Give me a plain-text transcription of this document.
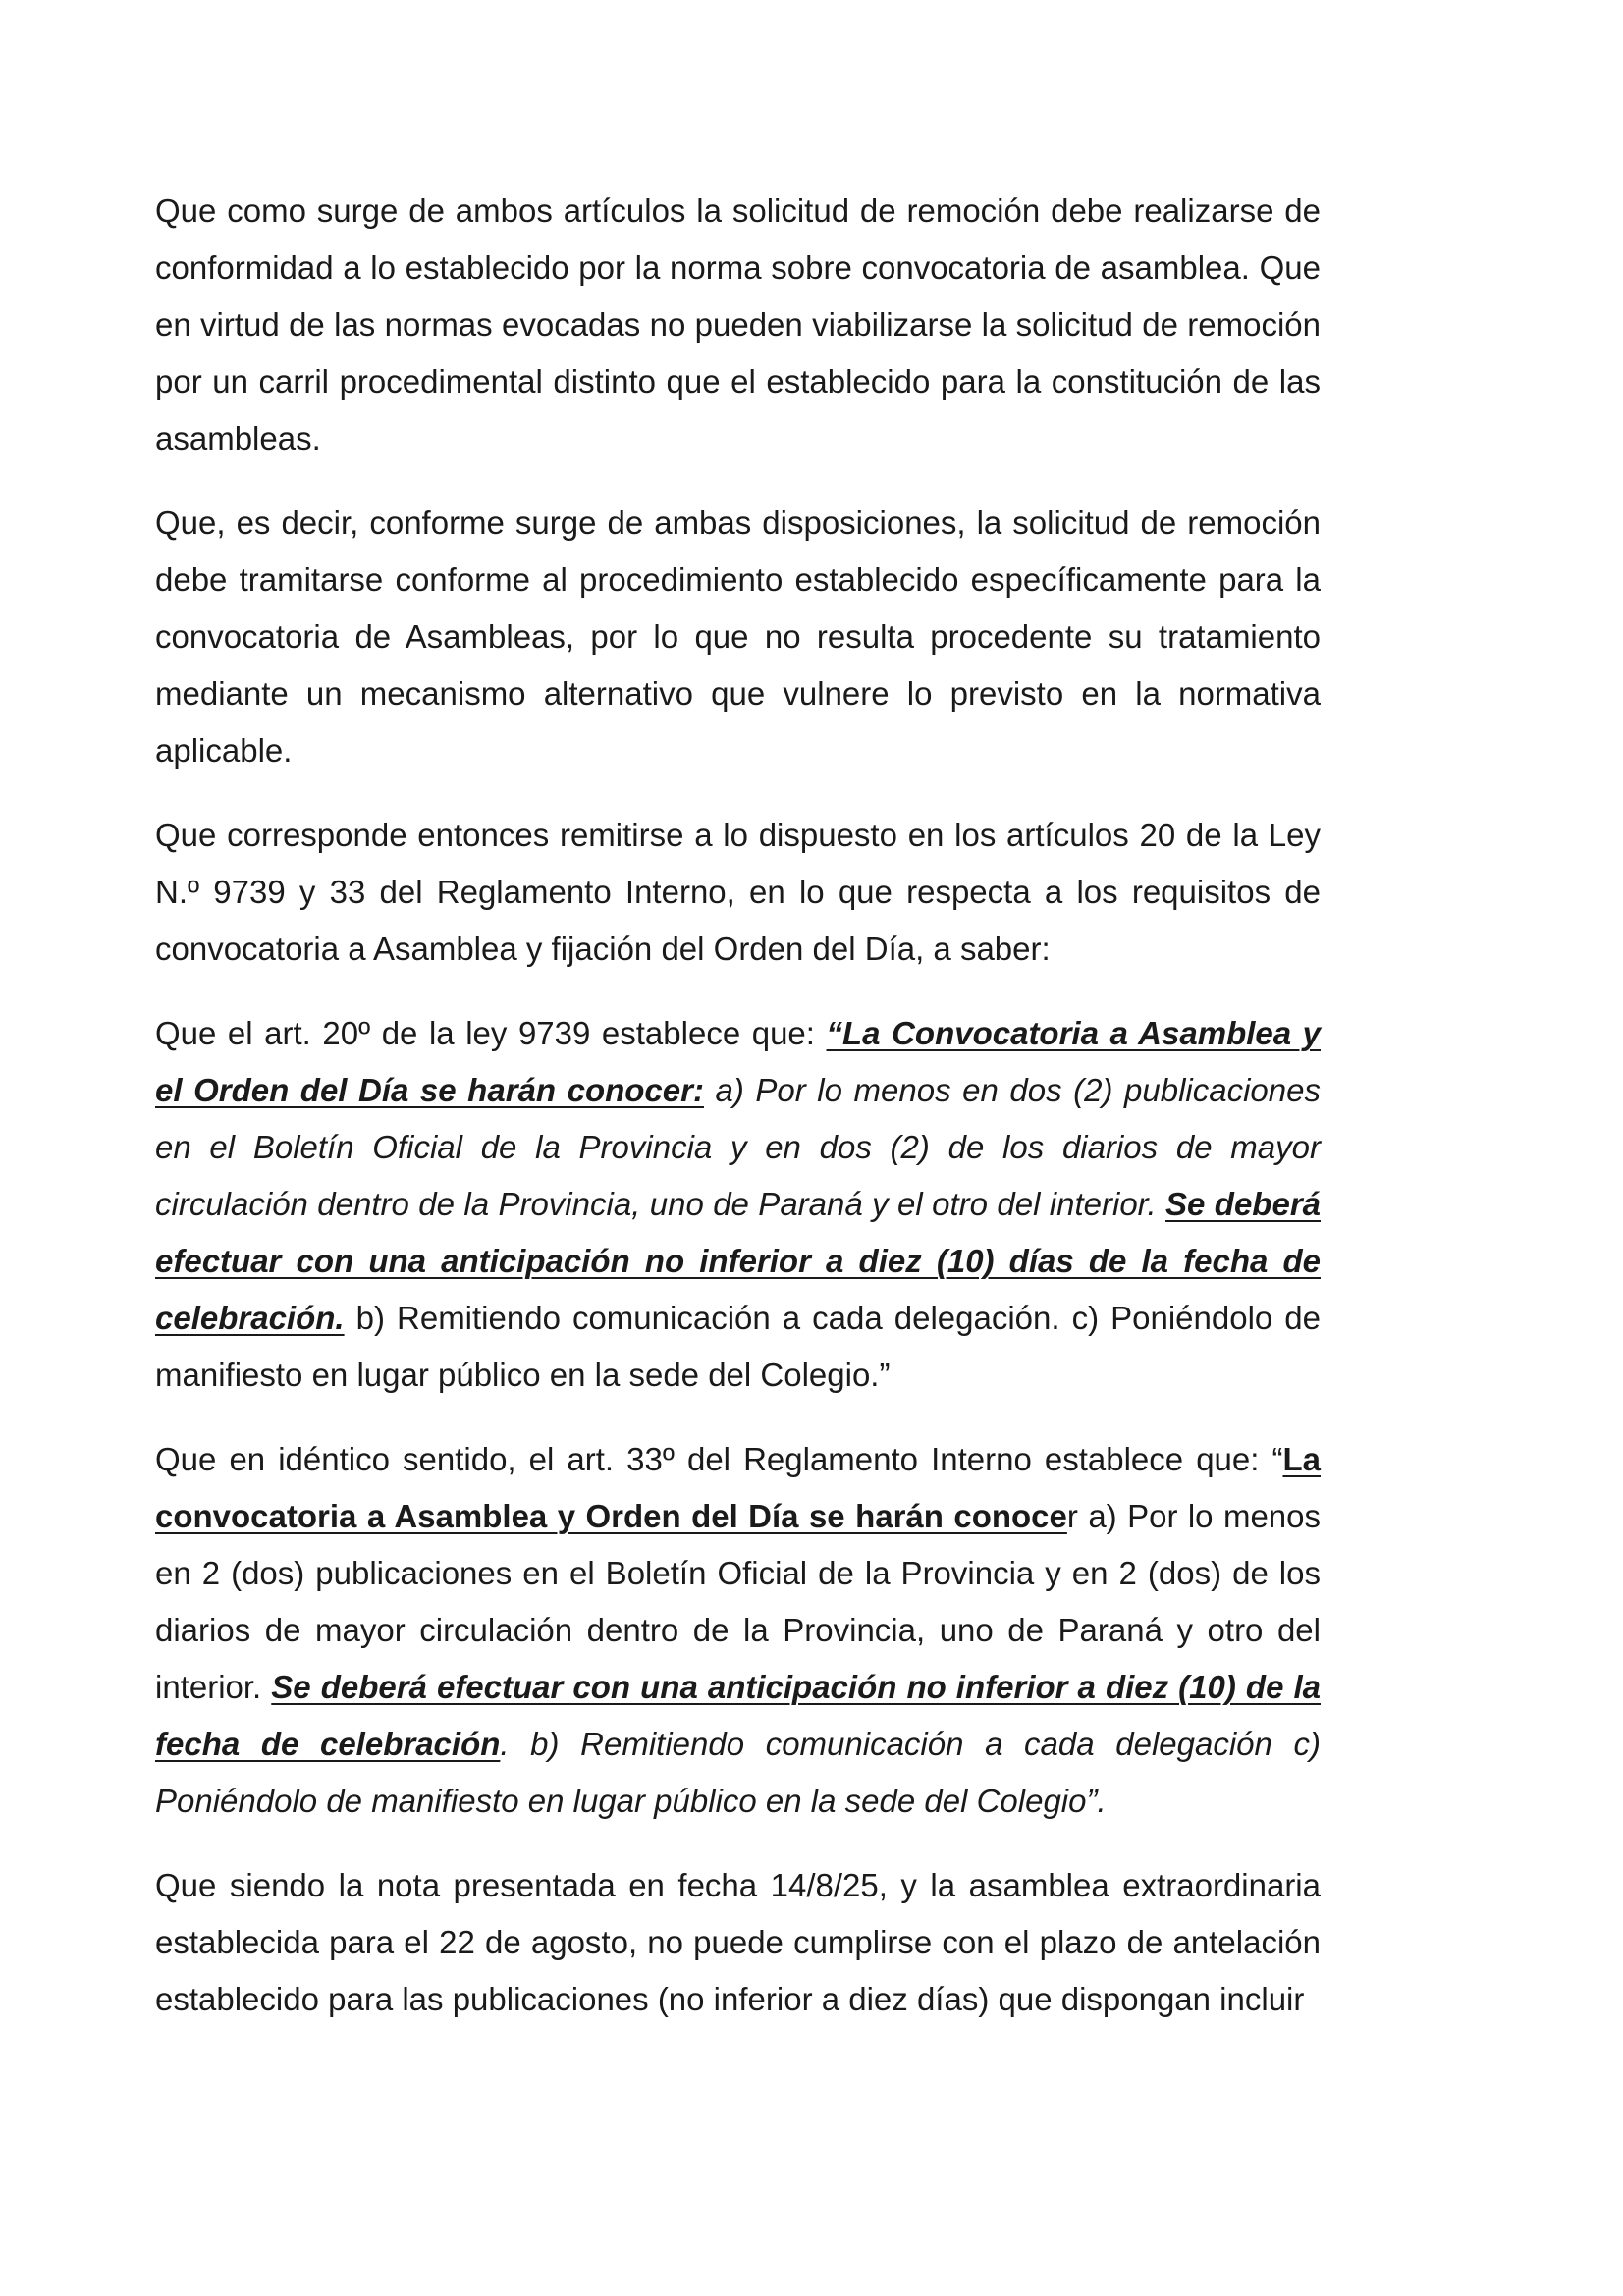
Que como surge de ambos artículos la solicitud de remoción debe realizarse de conformidad a lo establecido por la norma sobre convocatoria de asamblea. Que en virtud de las normas evocadas no pueden viabilizarse la solicitud de remoción por un carril procedimental distinto que el establecido para la constitución de las asambleas.

Que, es decir, conforme surge de ambas disposiciones, la solicitud de remoción debe tramitarse conforme al procedimiento establecido específicamente para la convocatoria de Asambleas, por lo que no resulta procedente su tratamiento mediante un mecanismo alternativo que vulnere lo previsto en la normativa aplicable.

Que corresponde entonces remitirse a lo dispuesto en los artículos 20 de la Ley N.º 9739 y 33 del Reglamento Interno, en lo que respecta a los requisitos de convocatoria a Asamblea y fijación del Orden del Día, a saber:

Que el art. 20º de la ley 9739 establece que: “La Convocatoria a Asamblea y el Orden del Día se harán conocer: a) Por lo menos en dos (2) publicaciones en el Boletín Oficial de la Provincia y en dos (2) de los diarios de mayor circulación dentro de la Provincia, uno de Paraná y el otro del interior. Se deberá efectuar con una anticipación no inferior a diez (10) días de la fecha de celebración. b) Remitiendo comunicación a cada delegación. c) Poniéndolo de manifiesto en lugar público en la sede del Colegio.”

Que en idéntico sentido, el art. 33º del Reglamento Interno establece que: “La convocatoria a Asamblea y Orden del Día se harán conocer a) Por lo menos en 2 (dos) publicaciones en el Boletín Oficial de la Provincia y en 2 (dos) de los diarios de mayor circulación dentro de la Provincia, uno de Paraná y otro del interior. Se deberá efectuar con una anticipación no inferior a diez (10) de la fecha de celebración. b) Remitiendo comunicación a cada delegación c) Poniéndolo de manifiesto en lugar público en la sede del Colegio”.

Que siendo la nota presentada en fecha 14/8/25, y la asamblea extraordinaria establecida para el 22 de agosto, no puede cumplirse con el plazo de antelación establecido para las publicaciones (no inferior a diez días) que dispongan incluir
